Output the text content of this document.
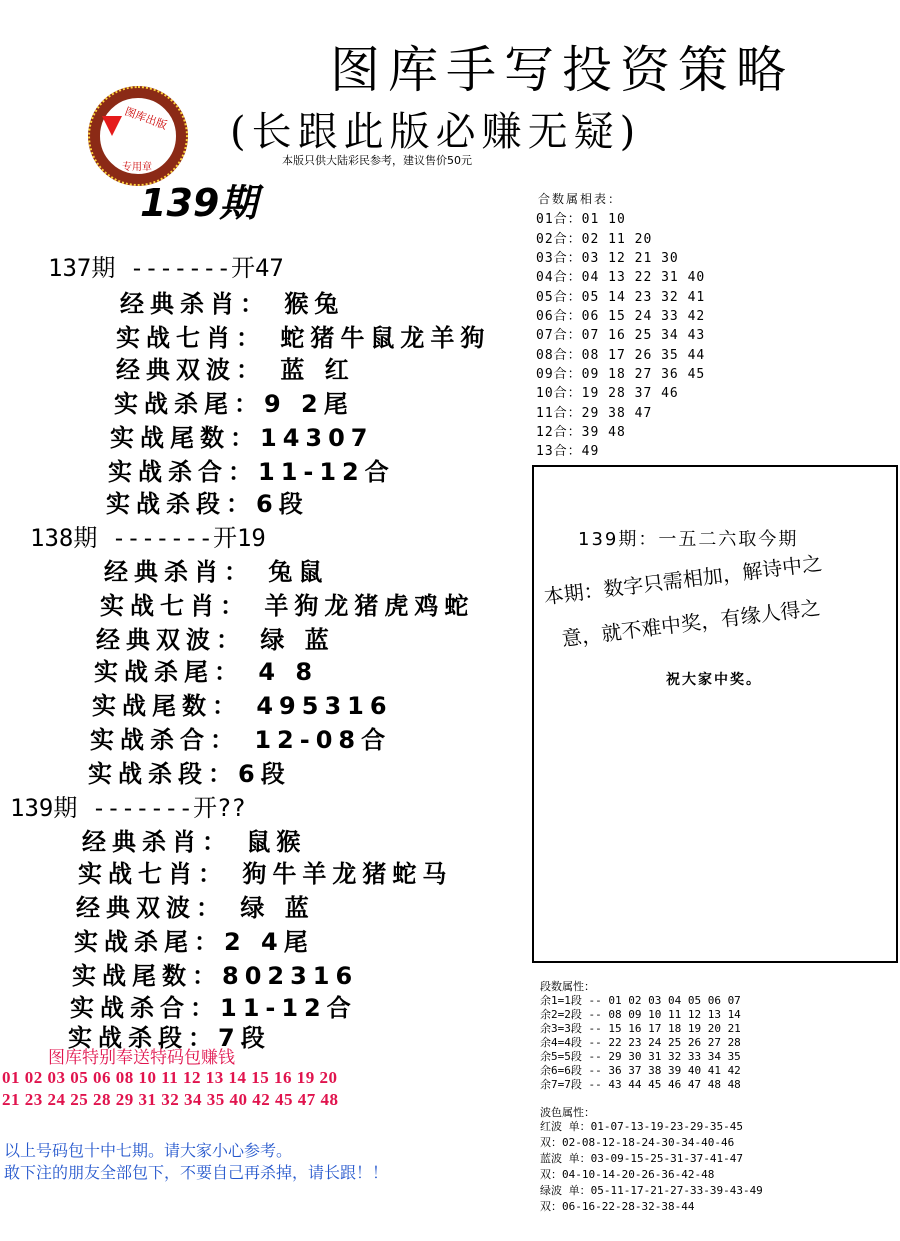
图库手写投资策略
(长跟此版必赚无疑)
本版只供大陆彩民参考，建议售价50元
图库出版
专用章
139期
137期 -------开47
经典杀肖： 猴兔
实战七肖： 蛇猪牛鼠龙羊狗
经典双波： 蓝 红
实战杀尾：9 2尾
实战尾数：14307
实战杀合：11-12合
实战杀段：6段
138期 -------开19
经典杀肖： 兔鼠
实战七肖： 羊狗龙猪虎鸡蛇
经典双波： 绿 蓝
实战杀尾： 4 8
实战尾数： 495316
实战杀合： 12-08合
实战杀段：6段
139期 -------开??
经典杀肖： 鼠猴
实战七肖： 狗牛羊龙猪蛇马
经典双波： 绿 蓝
实战杀尾：2 4尾
实战尾数：802316
实战杀合：11-12合
实战杀段：7段
合数属相表：
01合：01 10
02合：02 11 20
03合：03 12 21 30
04合：04 13 22 31 40
05合：05 14 23 32 41
06合：06 15 24 33 42
07合：07 16 25 34 43
08合：08 17 26 35 44
09合：09 18 27 36 45
10合：19 28 37 46
11合：29 38 47
12合：39 48
13合：49
139期：一五二六取今期
本期：数字只需相加，解诗中之
意，就不难中奖，有缘人得之
祝大家中奖。
段数属性：
余1=1段 -- 01 02 03 04 05 06 07
余2=2段 -- 08 09 10 11 12 13 14
余3=3段 -- 15 16 17 18 19 20 21
余4=4段 -- 22 23 24 25 26 27 28
余5=5段 -- 29 30 31 32 33 34 35
余6=6段 -- 36 37 38 39 40 41 42
余7=7段 -- 43 44 45 46 47 48 48
波色属性：
红波 单：01-07-13-19-23-29-35-45
双：02-08-12-18-24-30-34-40-46
蓝波 单：03-09-15-25-31-37-41-47
双：04-10-14-20-26-36-42-48
绿波 单：05-11-17-21-27-33-39-43-49
双：06-16-22-28-32-38-44
图库特别奉送特码包赚钱
01 02 03 05 06 08 10 11 12 13 14 15 16 19 20
21 23 24 25 28 29 31 32 34 35 40 42 45 47 48
以上号码包十中七期。请大家小心参考。
敢下注的朋友全部包下，不要自己再杀掉，请长跟！！
